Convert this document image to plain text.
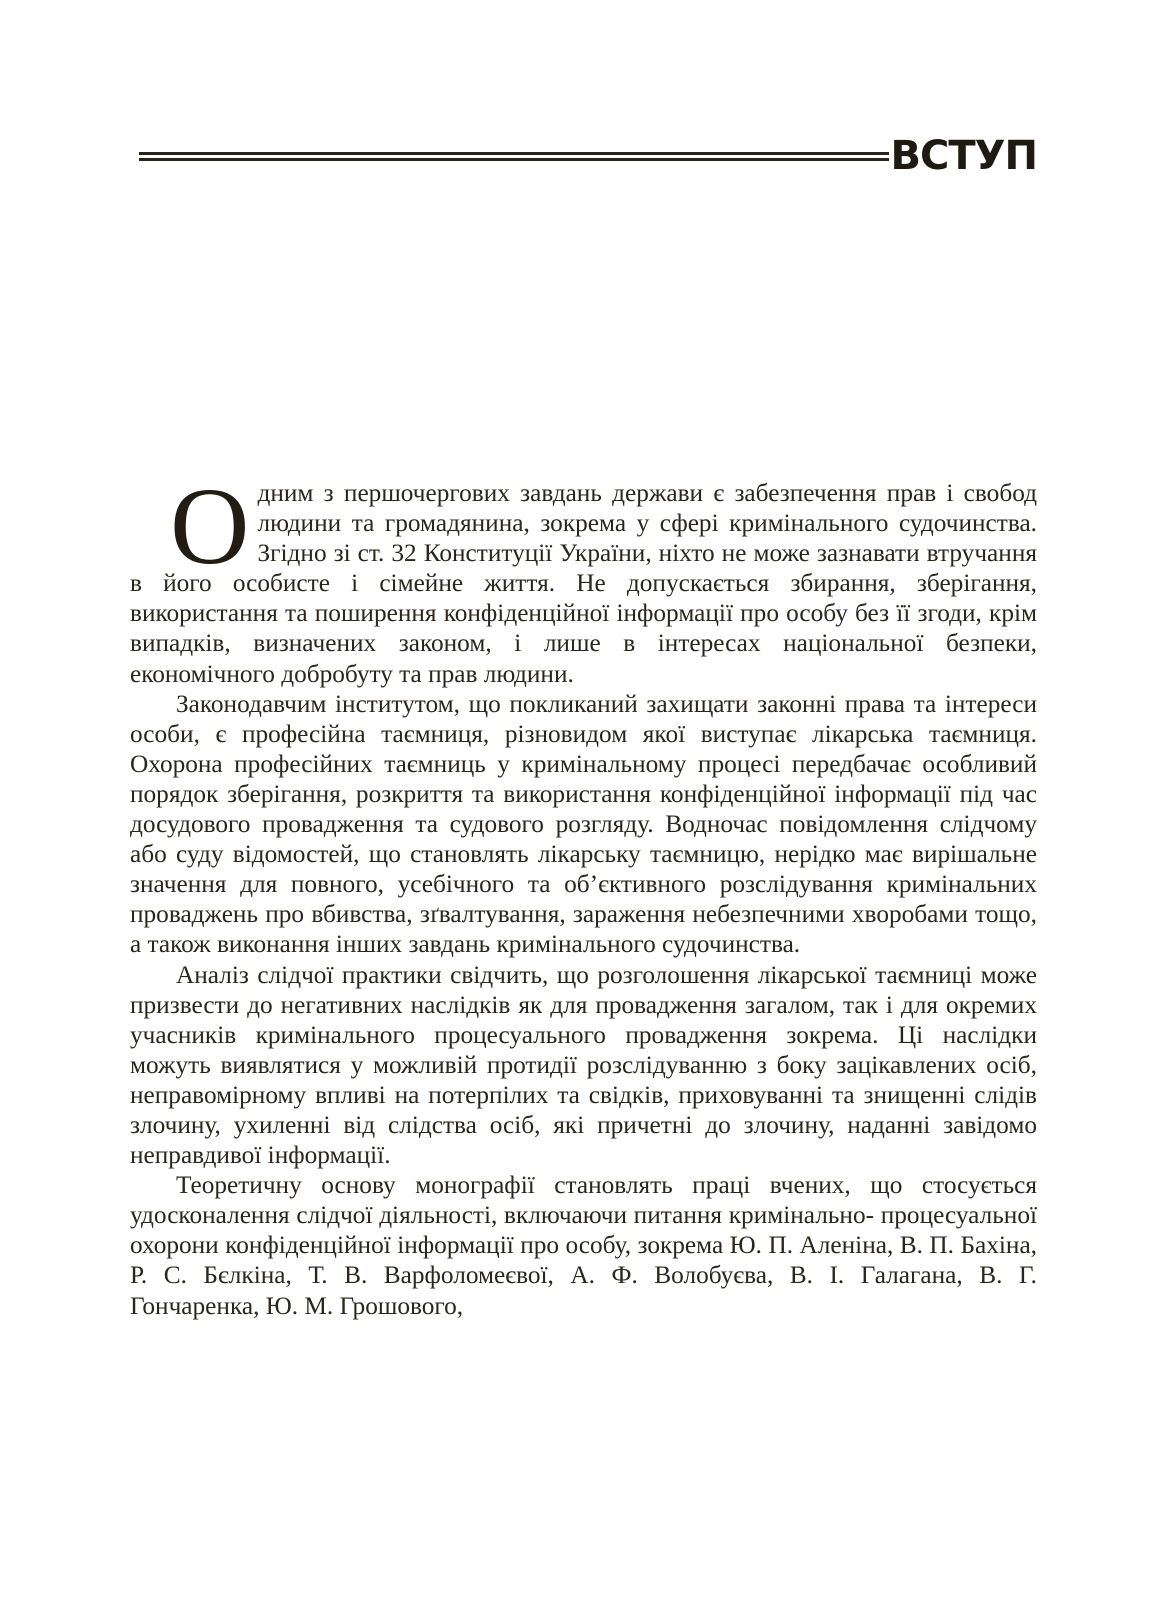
ВСТУП

Одним з першочергових завдань держави є забезпечення прав і свобод людини та громадянина, зокрема у сфері кримінального судочинства. Згідно зі ст. 32 Конституції України, ніхто не може зазнавати втручання в його особисте і сімейне життя. Не допускається збирання, зберігання, використання та поширення конфіденційної інформації про особу без її згоди, крім випадків, визначених законом, і лише в інтересах національної безпеки, економічного добробуту та прав людини.

Законодавчим інститутом, що покликаний захищати законні права та інтереси особи, є професійна таємниця, різновидом якої виступає лікарська таємниця. Охорона професійних таємниць у кримінальному процесі передбачає особливий порядок зберігання, розкриття та використання конфіденційної інформації під час досудового провадження та судового розгляду. Водночас повідомлення слідчому або суду відомостей, що становлять лікарську таємницю, нерідко має вирішальне значення для повного, усебічного та об’єктивного розслідування кримінальних проваджень про вбивства, зґвалтування, зараження небезпечними хворобами тощо, а також виконання інших завдань кримінального судочинства.

Аналіз слідчої практики свідчить, що розголошення лікарської таємниці може призвести до негативних наслідків як для провадження загалом, так і для окремих учасників кримінального процесуального провадження зокрема. Ці наслідки можуть виявлятися у можливій протидії розслідуванню з боку зацікавлених осіб, неправомірному впливі на потерпілих та свідків, приховуванні та знищенні слідів злочину, ухиленні від слідства осіб, які причетні до злочину, наданні завідомо неправдивої інформації.

Теоретичну основу монографії становлять праці вчених, що стосується удосконалення слідчої діяльності, включаючи питання кримінально- процесуальної охорони конфіденційної інформації про особу, зокрема Ю. П. Аленіна, В. П. Бахіна, Р. С. Бєлкіна, Т. В. Варфоломеєвої, А. Ф. Волобуєва, В. І. Галагана, В. Г. Гончаренка, Ю. М. Грошового,
